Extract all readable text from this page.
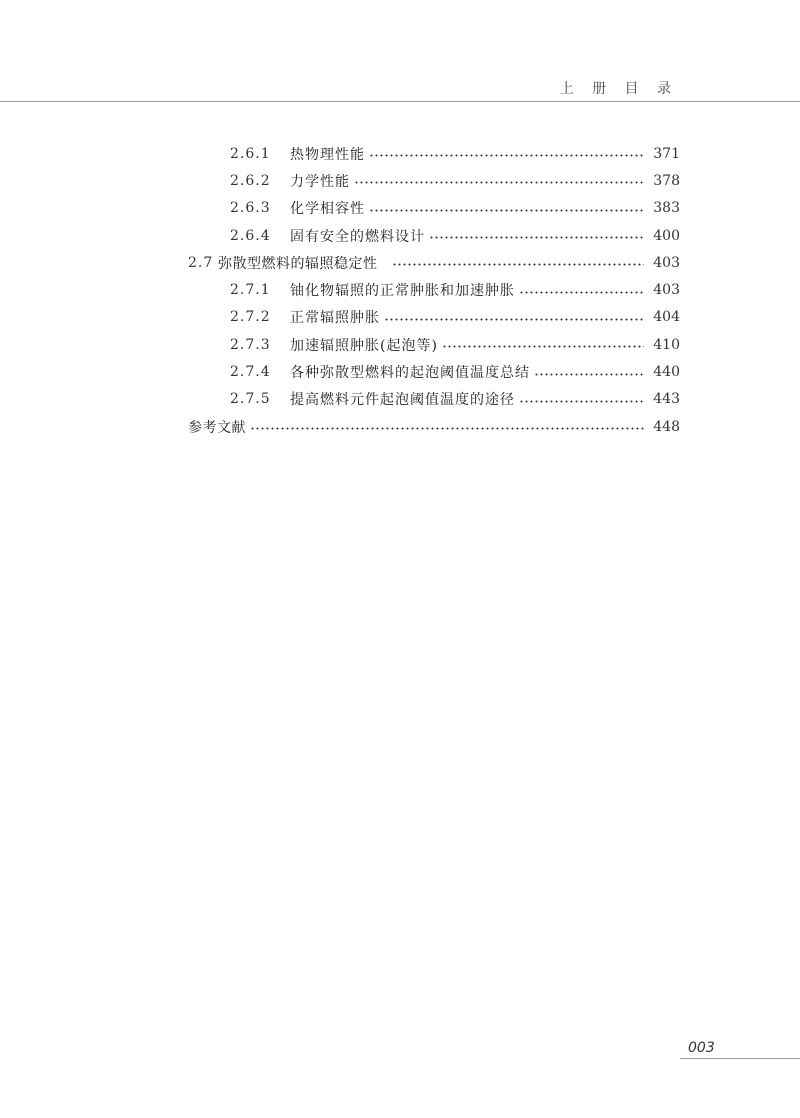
上 册 目 录
2.6.1	热物理性能	371
2.6.2	力学性能	378
2.6.3	化学相容性	383
2.6.4	固有安全的燃料设计	400
2.7 弥散型燃料的辐照稳定性	403
2.7.1	铀化物辐照的正常肿胀和加速肿胀	403
2.7.2	正常辐照肿胀	404
2.7.3	加速辐照肿胀(起泡等)	410
2.7.4	各种弥散型燃料的起泡阈值温度总结	440
2.7.5	提高燃料元件起泡阈值温度的途径	443
参考文献	448
003
